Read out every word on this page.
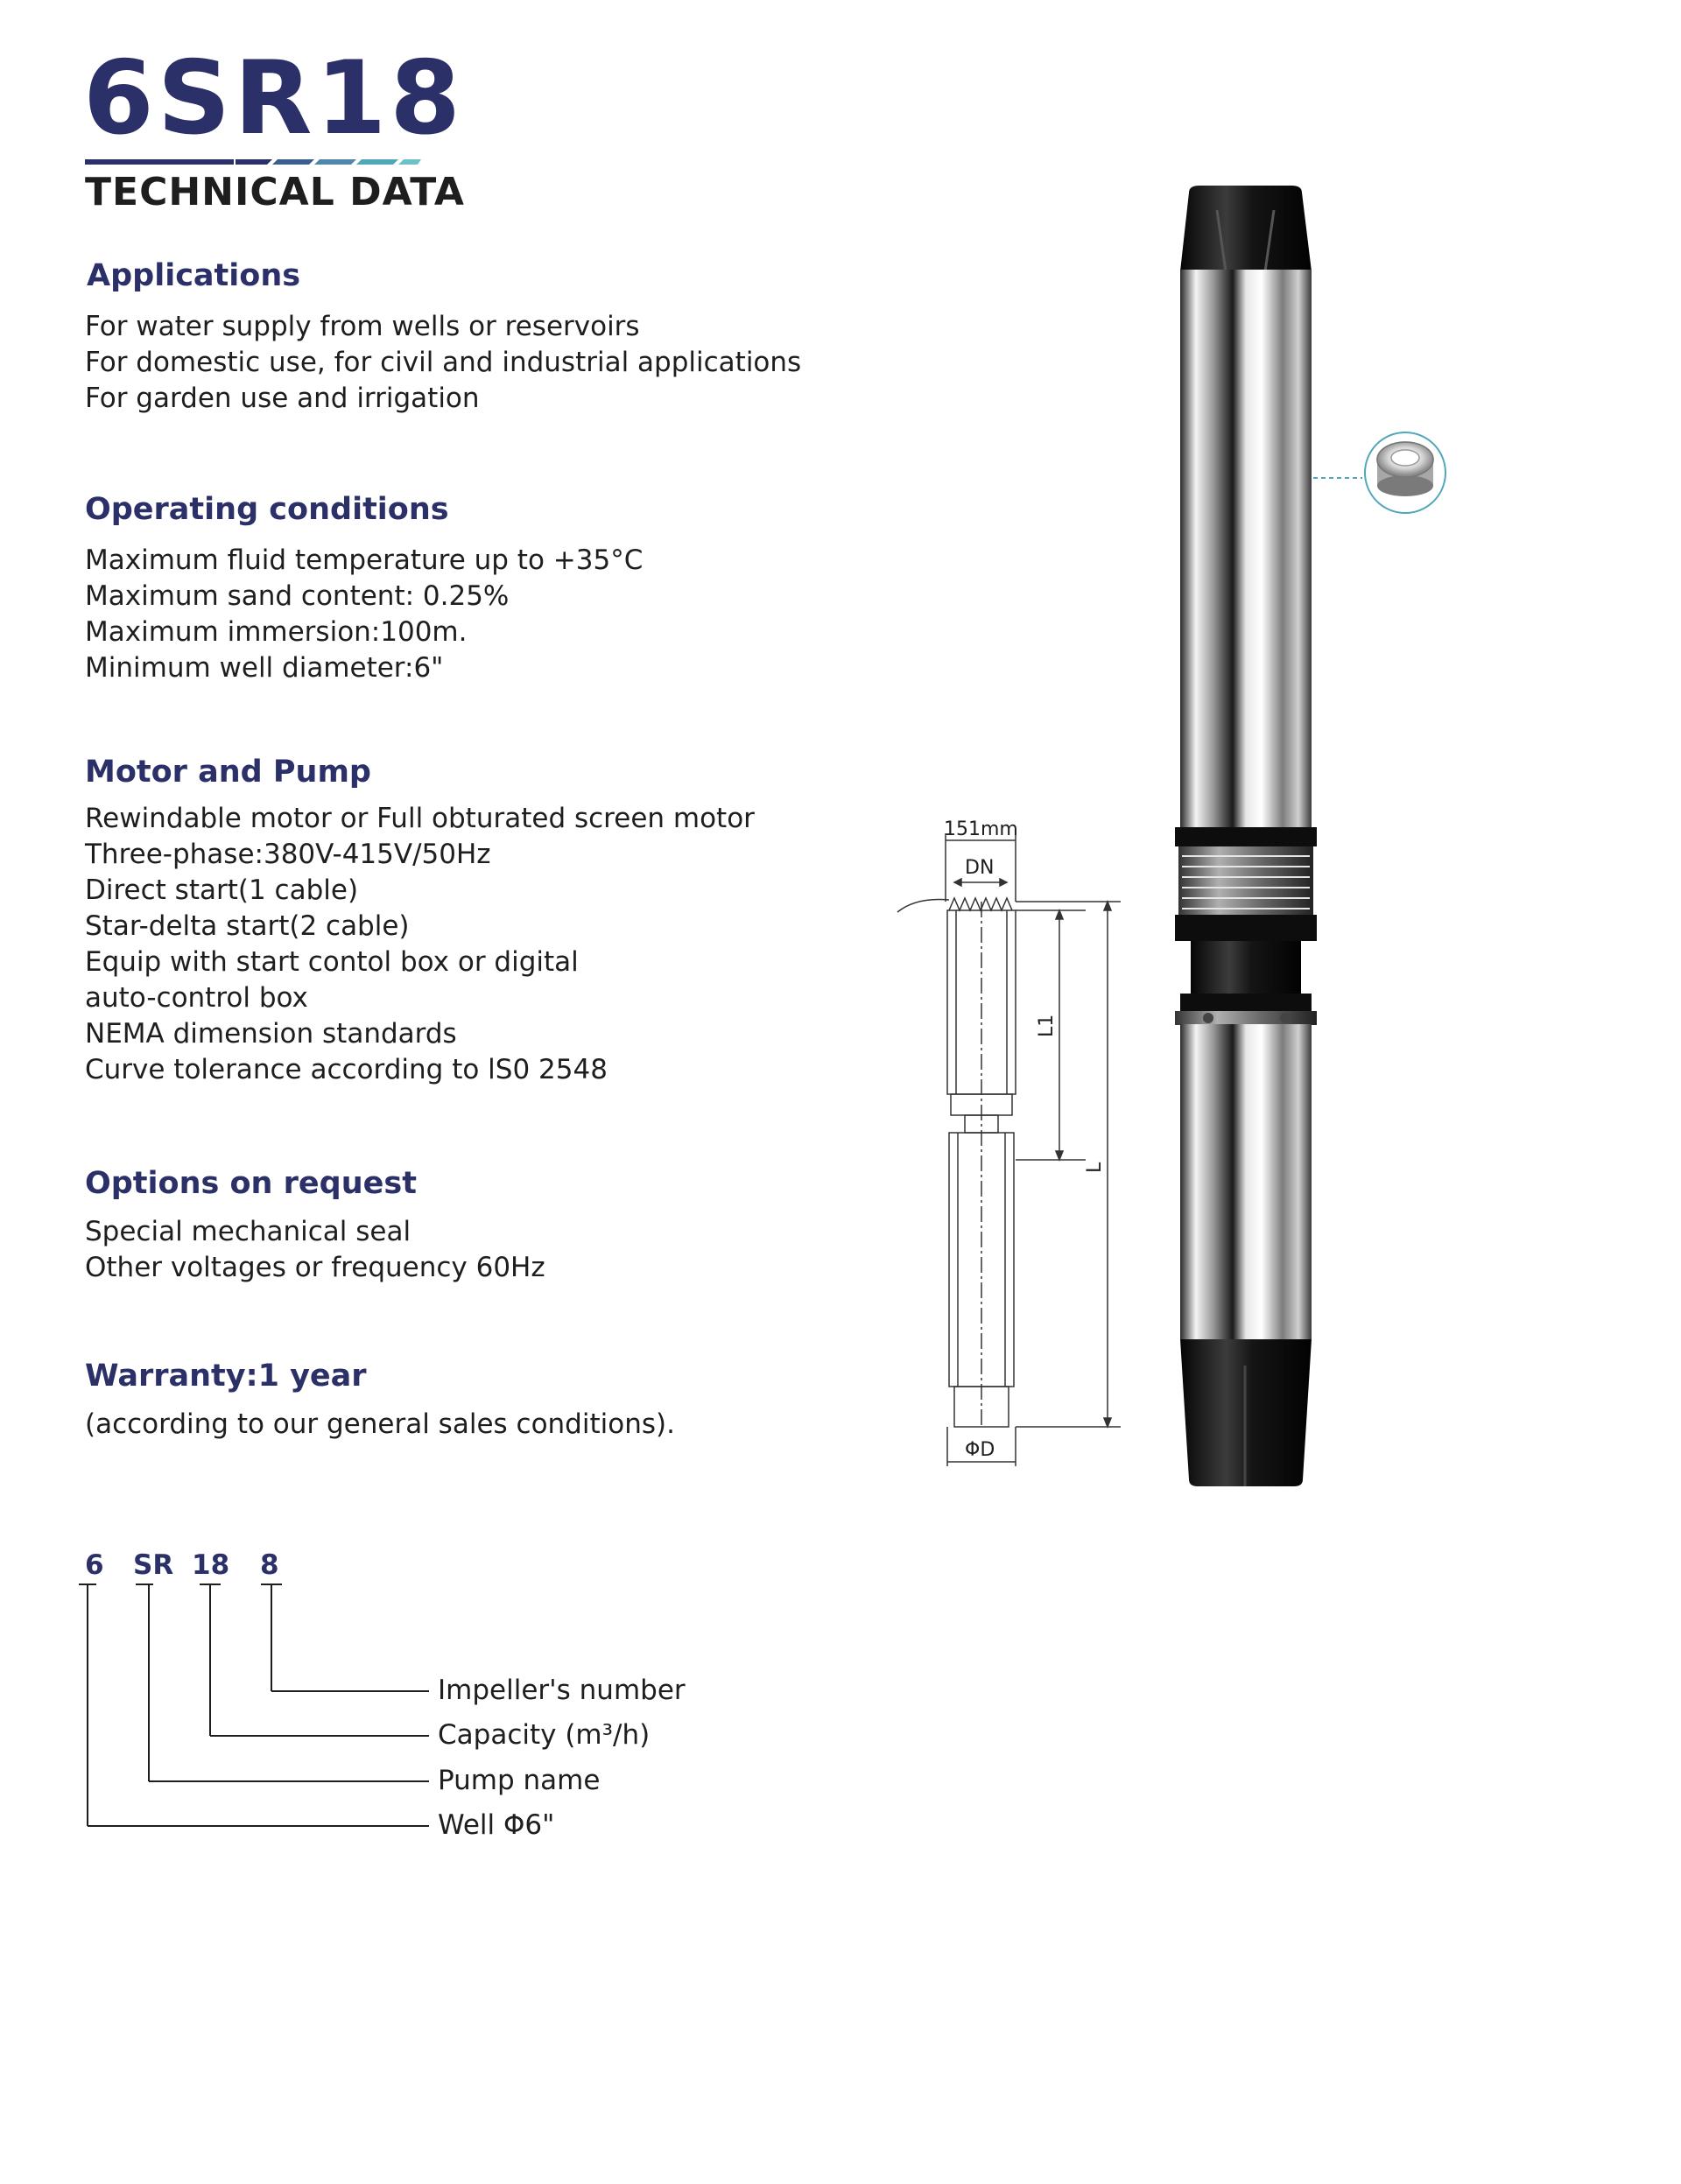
6SR18
TECHNICAL DATA
Applications
For water supply from wells or reservoirs
For domestic use, for civil and industrial applications
For garden use and irrigation
Operating conditions
Maximum fluid temperature up to +35°C
Maximum sand content: 0.25%
Maximum immersion:100m.
Minimum well diameter:6"
Motor and Pump
Rewindable motor or Full obturated screen motor
Three-phase:380V-415V/50Hz
Direct start(1 cable)
Star-delta start(2 cable)
Equip with start contol box or digital
auto-control box
NEMA dimension standards
Curve tolerance according to lS0 2548
Options on request
Special mechanical seal
Other voltages or frequency 60Hz
Warranty:1 year
(according to our general sales conditions).
6 SR 18 8
Impeller's number
Capacity (m³/h)
Pump name
Well Φ6"
151mm
DN
L1
L
ΦD
